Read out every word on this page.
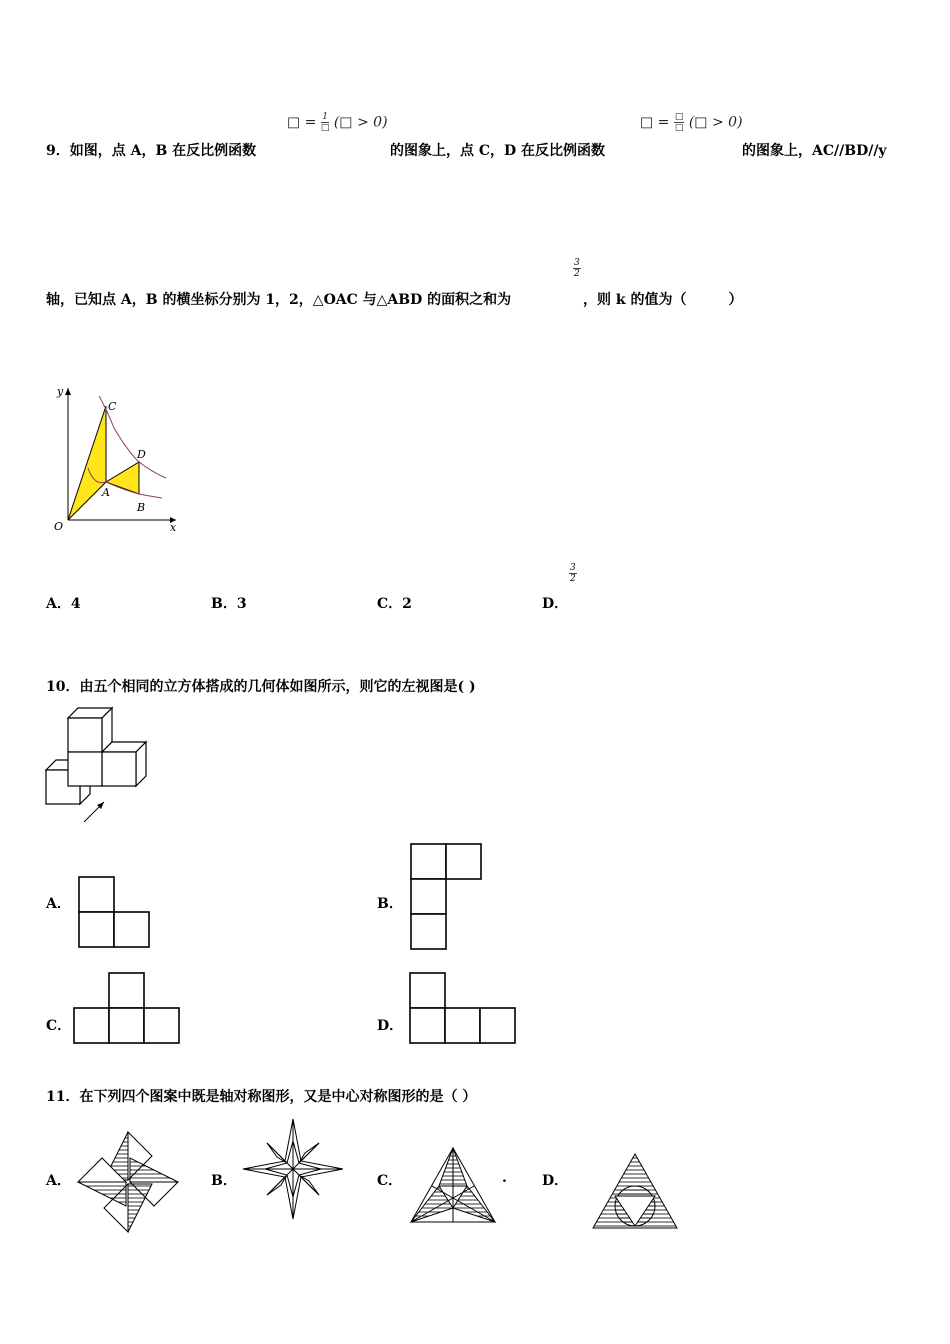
□ = $\frac{1}{□}$ (□ > 0)	□ = $\frac{□}{□}$ (□ > 0)
9．如图，点 A，B 在反比例函数	的图象上，点 C，D 在反比例函数	的图象上，AC//BD//y
轴，已知点 A，B 的横坐标分别为 1，2，△OAC 与△ABD 的面积之和为
$\frac{3}{2}$
，则 k 的值为（　　　）
y
x
O
A
B
C
D
A．4	B．3	C．2	D．
$\frac{3}{2}$
10．由五个相同的立方体搭成的几何体如图所示，则它的左视图是( )
A．	B．
C．	D．
11．在下列四个图案中既是轴对称图形，又是中心对称图形的是（ ）
A．	B．	C．	.	D．
